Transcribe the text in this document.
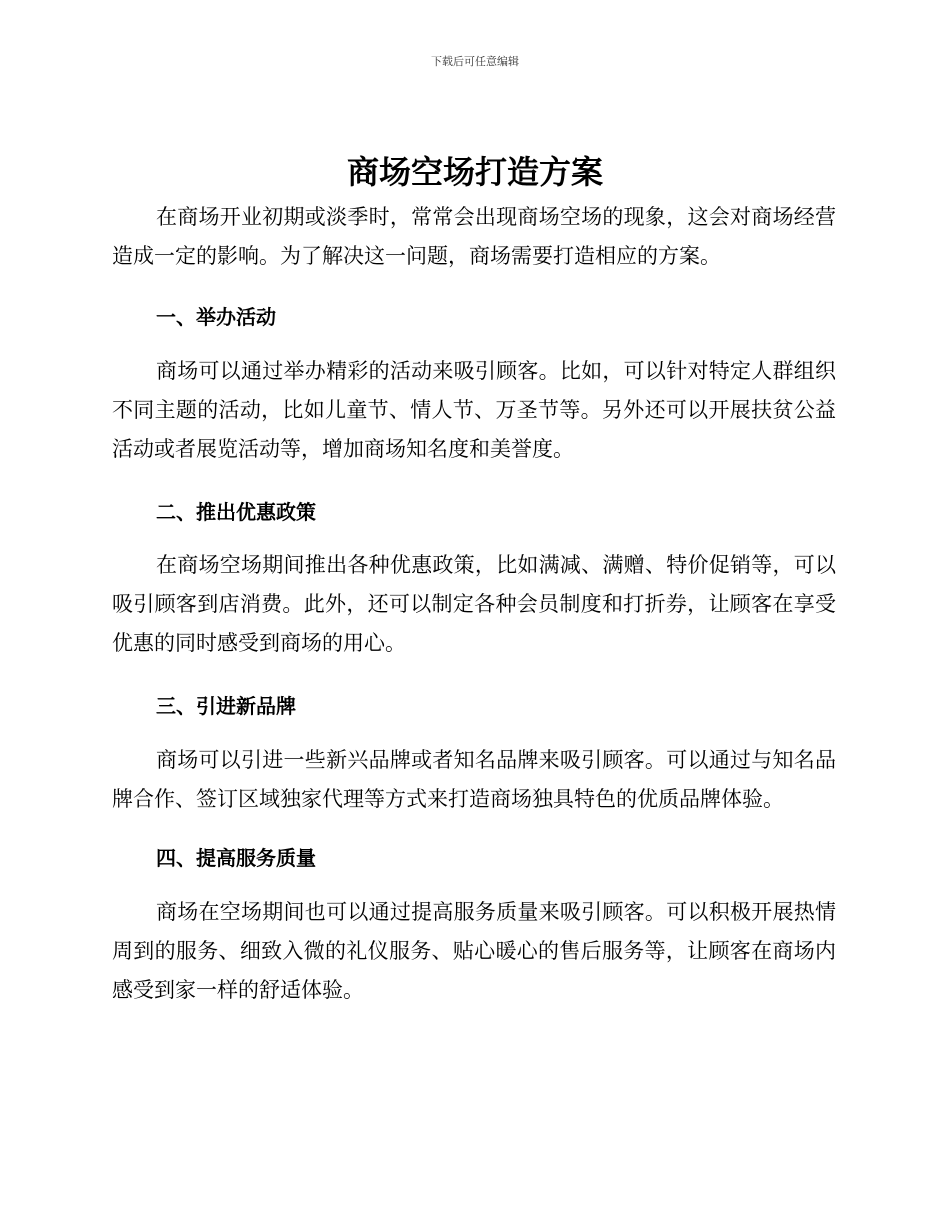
下载后可任意编辑
商场空场打造方案

在商场开业初期或淡季时，常常会出现商场空场的现象，这会对商场经营造成一定的影响。为了解决这一问题，商场需要打造相应的方案。

一、举办活动

商场可以通过举办精彩的活动来吸引顾客。比如，可以针对特定人群组织不同主题的活动，比如儿童节、情人节、万圣节等。另外还可以开展扶贫公益活动或者展览活动等，增加商场知名度和美誉度。

二、推出优惠政策

在商场空场期间推出各种优惠政策，比如满减、满赠、特价促销等，可以吸引顾客到店消费。此外，还可以制定各种会员制度和打折券，让顾客在享受优惠的同时感受到商场的用心。

三、引进新品牌

商场可以引进一些新兴品牌或者知名品牌来吸引顾客。可以通过与知名品牌合作、签订区域独家代理等方式来打造商场独具特色的优质品牌体验。

四、提高服务质量

商场在空场期间也可以通过提高服务质量来吸引顾客。可以积极开展热情周到的服务、细致入微的礼仪服务、贴心暖心的售后服务等，让顾客在商场内感受到家一样的舒适体验。
